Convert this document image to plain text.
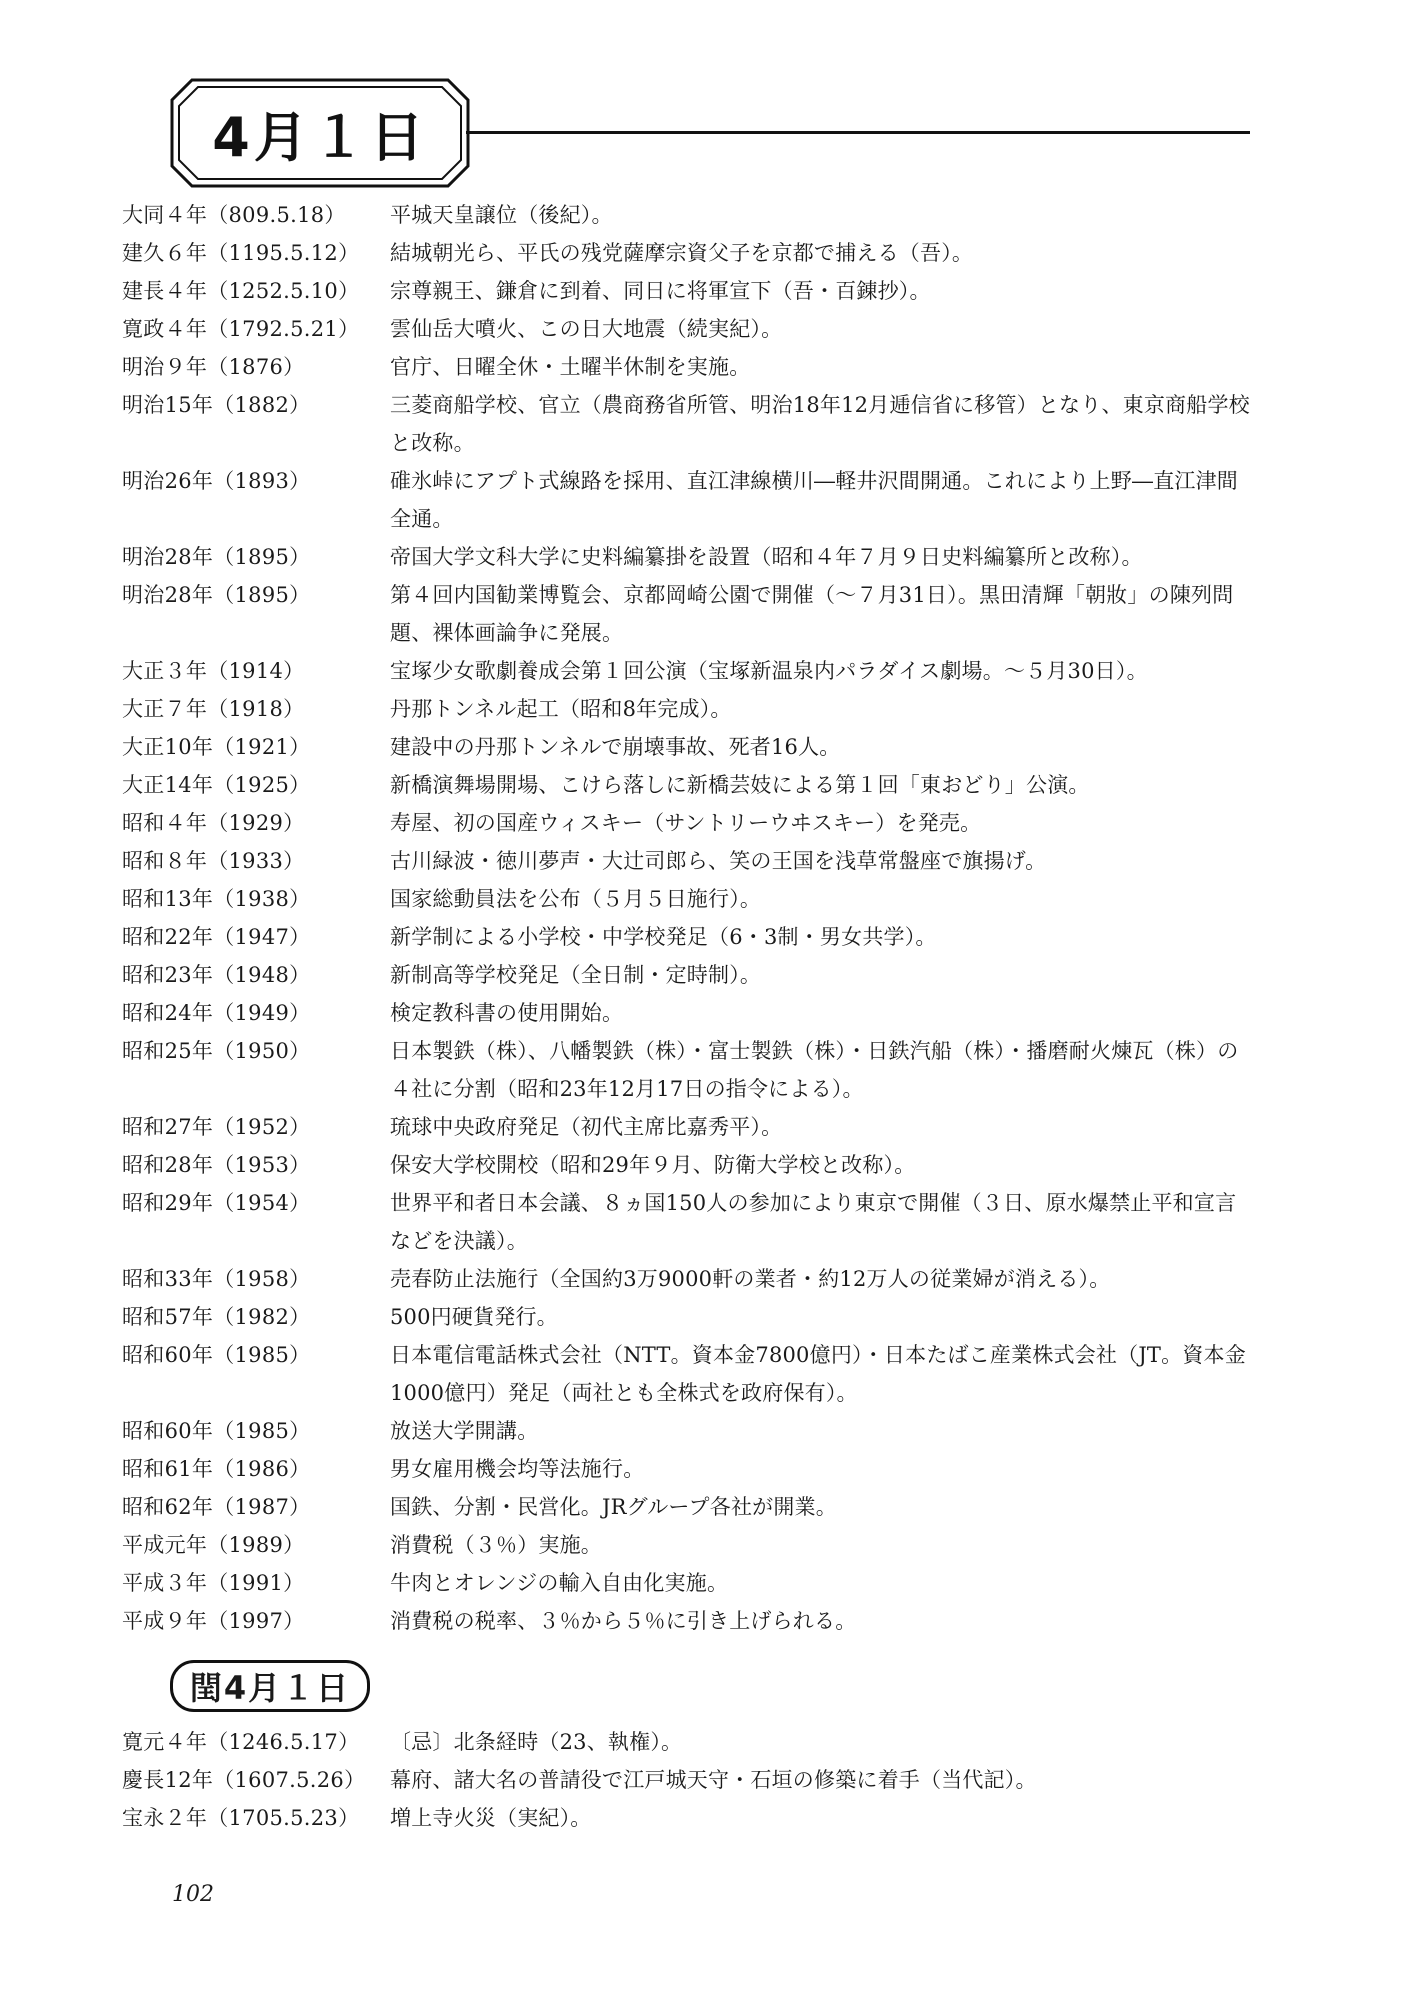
4月１日
大同４年（809.5.18）	平城天皇譲位（後紀）。
建久６年（1195.5.12）	結城朝光ら、平氏の残党薩摩宗資父子を京都で捕える（吾）。
建長４年（1252.5.10）	宗尊親王、鎌倉に到着、同日に将軍宣下（吾・百錬抄）。
寛政４年（1792.5.21）	雲仙岳大噴火、この日大地震（続実紀）。
明治９年（1876）	官庁、日曜全休・土曜半休制を実施。
明治15年（1882）	三菱商船学校、官立（農商務省所管、明治18年12月逓信省に移管）となり、東京商船学校と改称。
明治26年（1893）	碓氷峠にアプト式線路を採用、直江津線横川―軽井沢間開通。これにより上野―直江津間全通。
明治28年（1895）	帝国大学文科大学に史料編纂掛を設置（昭和４年７月９日史料編纂所と改称）。
明治28年（1895）	第４回内国勧業博覧会、京都岡崎公園で開催（～７月31日）。黒田清輝「朝妝」の陳列問題、裸体画論争に発展。
大正３年（1914）	宝塚少女歌劇養成会第１回公演（宝塚新温泉内パラダイス劇場。～５月30日）。
大正７年（1918）	丹那トンネル起工（昭和8年完成）。
大正10年（1921）	建設中の丹那トンネルで崩壊事故、死者16人。
大正14年（1925）	新橋演舞場開場、こけら落しに新橋芸妓による第１回「東おどり」公演。
昭和４年（1929）	寿屋、初の国産ウィスキー（サントリーウヰスキー）を発売。
昭和８年（1933）	古川緑波・徳川夢声・大辻司郎ら、笑の王国を浅草常盤座で旗揚げ。
昭和13年（1938）	国家総動員法を公布（５月５日施行）。
昭和22年（1947）	新学制による小学校・中学校発足（6・3制・男女共学）。
昭和23年（1948）	新制高等学校発足（全日制・定時制）。
昭和24年（1949）	検定教科書の使用開始。
昭和25年（1950）	日本製鉄（株）、八幡製鉄（株）・富士製鉄（株）・日鉄汽船（株）・播磨耐火煉瓦（株）の４社に分割（昭和23年12月17日の指令による）。
昭和27年（1952）	琉球中央政府発足（初代主席比嘉秀平）。
昭和28年（1953）	保安大学校開校（昭和29年９月、防衛大学校と改称）。
昭和29年（1954）	世界平和者日本会議、８ヵ国150人の参加により東京で開催（３日、原水爆禁止平和宣言などを決議）。
昭和33年（1958）	売春防止法施行（全国約3万9000軒の業者・約12万人の従業婦が消える）。
昭和57年（1982）	500円硬貨発行。
昭和60年（1985）	日本電信電話株式会社（NTT。資本金7800億円）・日本たばこ産業株式会社（JT。資本金1000億円）発足（両社とも全株式を政府保有）。
昭和60年（1985）	放送大学開講。
昭和61年（1986）	男女雇用機会均等法施行。
昭和62年（1987）	国鉄、分割・民営化。JRグループ各社が開業。
平成元年（1989）	消費税（３％）実施。
平成３年（1991）	牛肉とオレンジの輸入自由化実施。
平成９年（1997）	消費税の税率、３％から５％に引き上げられる。
閏4月１日
寛元４年（1246.5.17）	〔忌〕北条経時（23、執権）。
慶長12年（1607.5.26）	幕府、諸大名の普請役で江戸城天守・石垣の修築に着手（当代記）。
宝永２年（1705.5.23）	増上寺火災（実紀）。
102
